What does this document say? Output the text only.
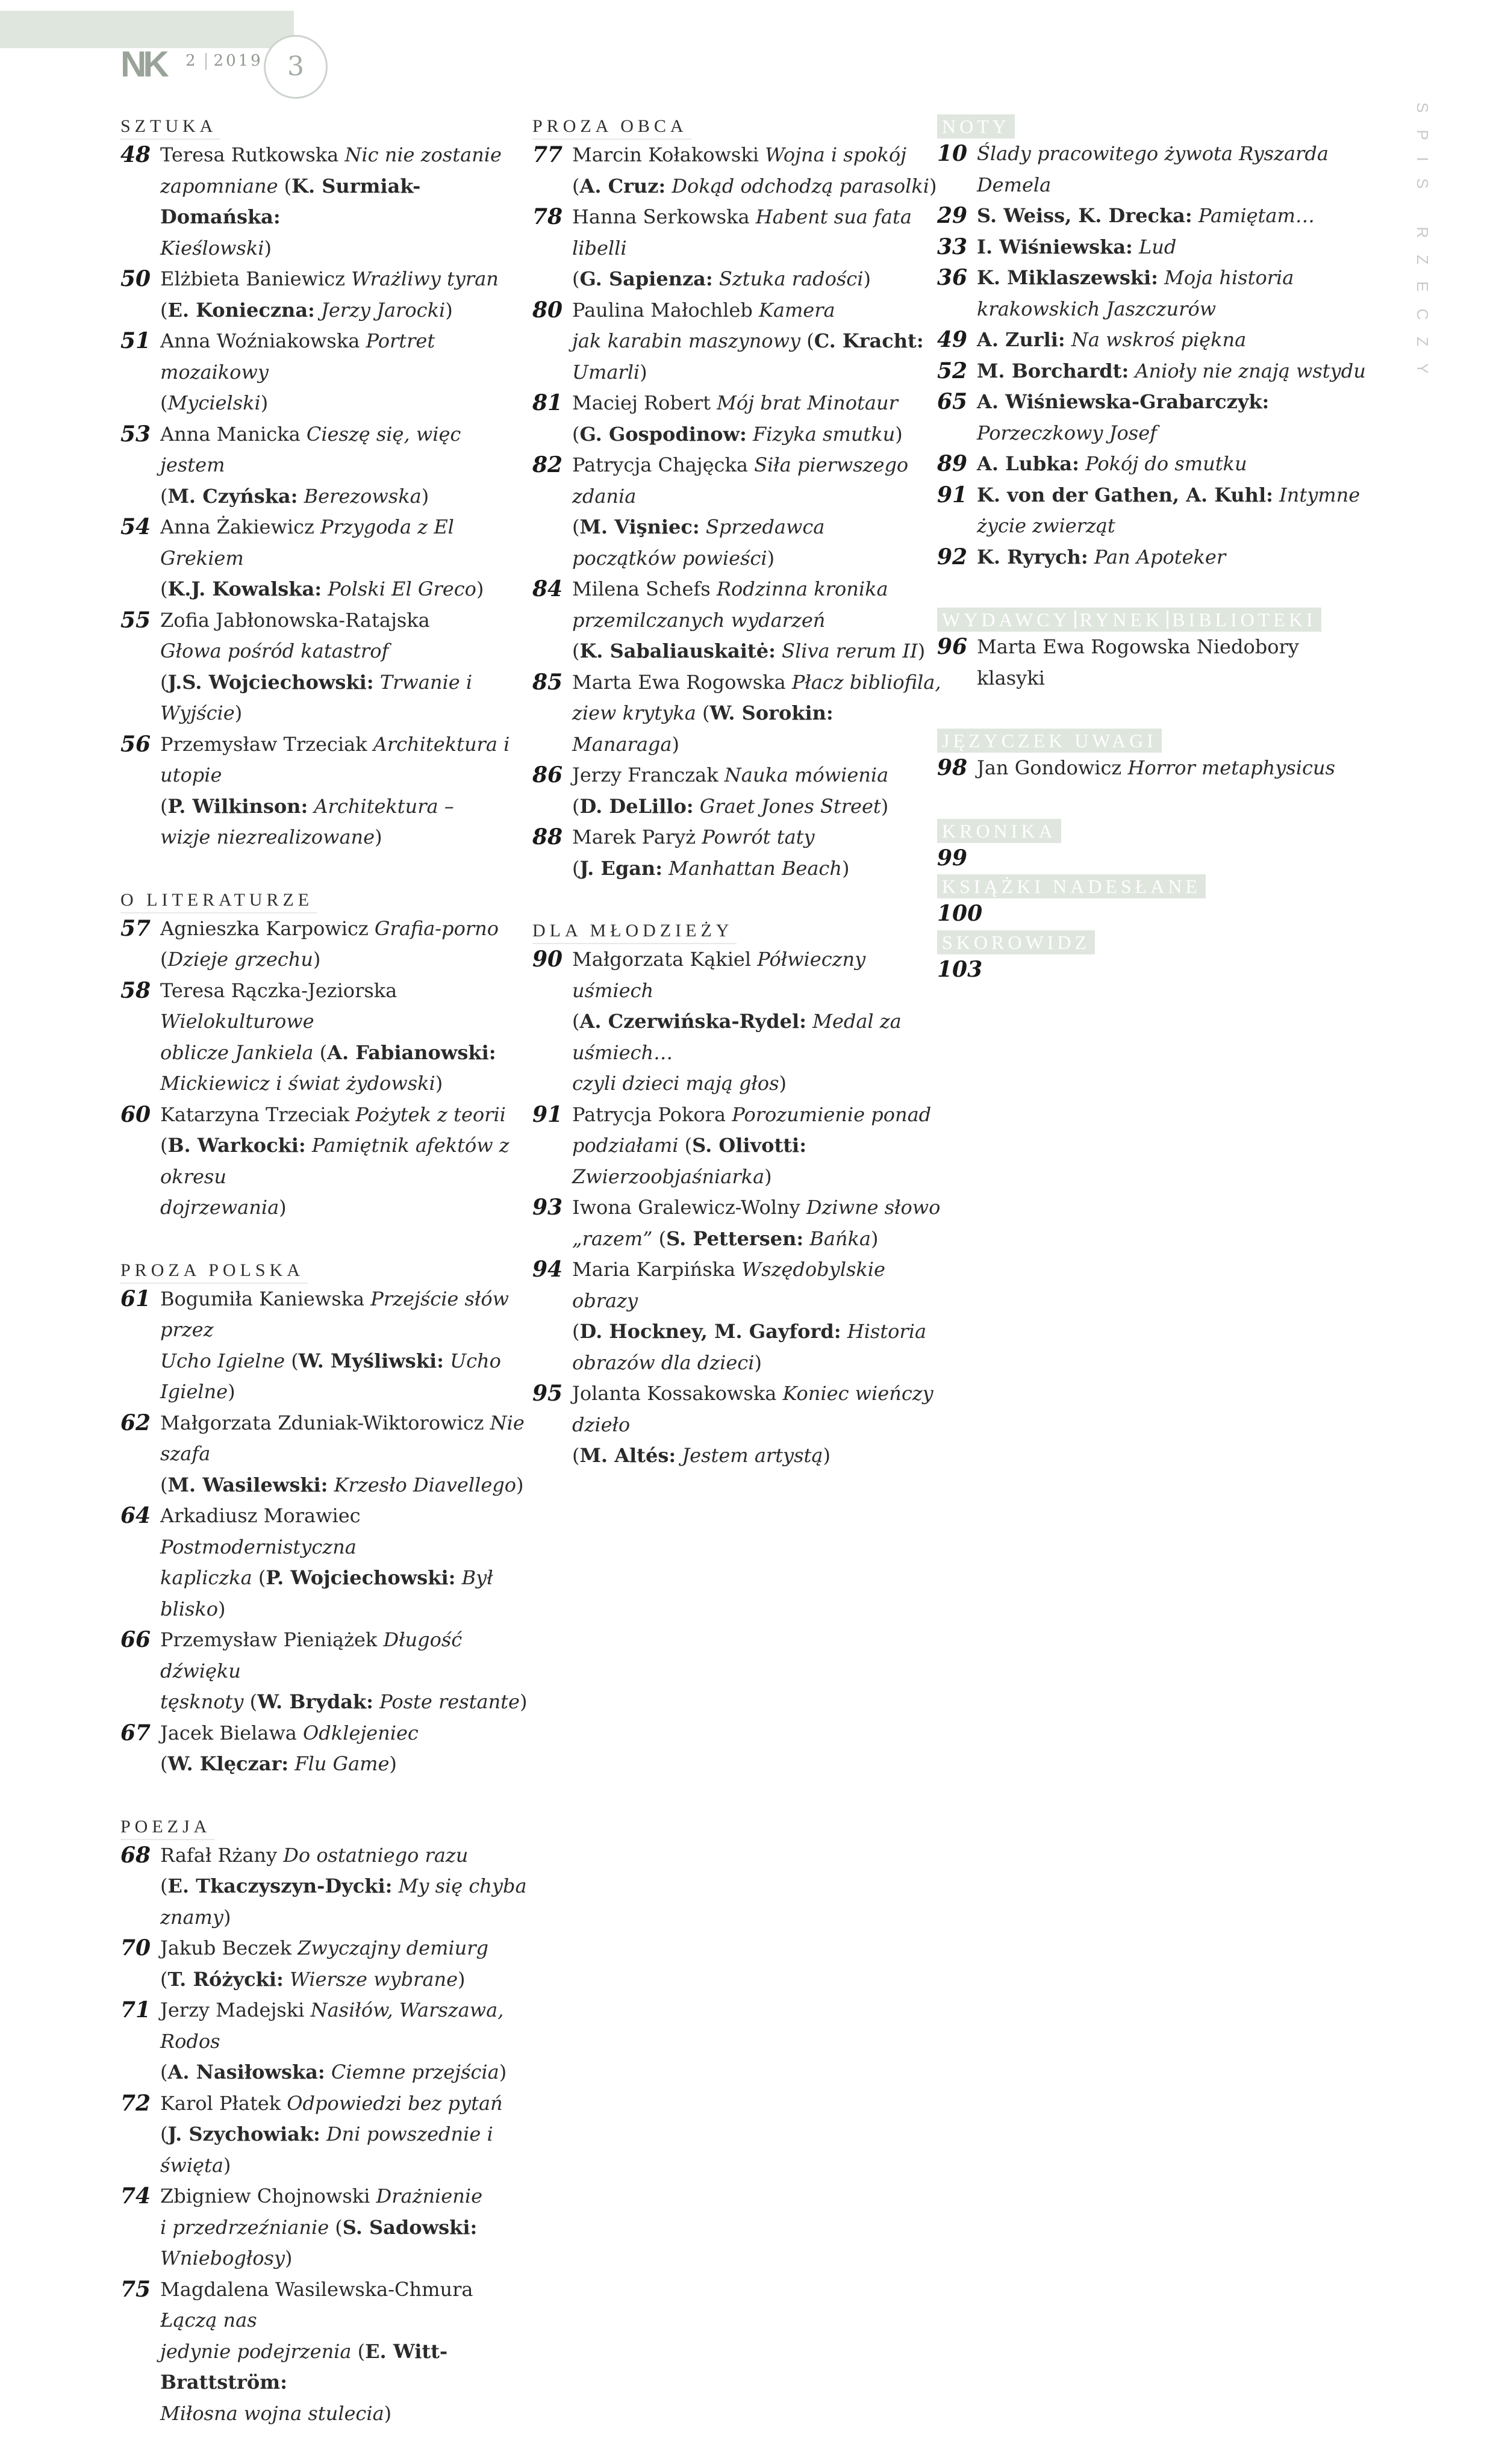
NK 2 2019 3
SPIS RZECZY
SZTUKA
48 Teresa Rutkowska Nic nie zostanie
zapomniane (K. Surmiak-Domańska:
Kieślowski)
50 Elżbieta Baniewicz Wrażliwy tyran
(E. Konieczna: Jerzy Jarocki)
51 Anna Woźniakowska Portret mozaikowy
(Mycielski)
53 Anna Manicka Cieszę się, więc jestem
(M. Czyńska: Berezowska)
54 Anna Żakiewicz Przygoda z El Grekiem
(K.J. Kowalska: Polski El Greco)
55 Zofia Jabłonowska-Ratajska
Głowa pośród katastrof
(J.S. Wojciechowski: Trwanie i Wyjście)
56 Przemysław Trzeciak Architektura i utopie
(P. Wilkinson: Architektura –
wizje niezrealizowane)
O LITERATURZE
57 Agnieszka Karpowicz Grafia-porno
(Dzieje grzechu)
58 Teresa Rączka-Jeziorska Wielokulturowe
oblicze Jankiela (A. Fabianowski:
Mickiewicz i świat żydowski)
60 Katarzyna Trzeciak Pożytek z teorii
(B. Warkocki: Pamiętnik afektów z okresu
dojrzewania)
PROZA POLSKA
61 Bogumiła Kaniewska Przejście słów przez
Ucho Igielne (W. Myśliwski: Ucho Igielne)
62 Małgorzata Zduniak-Wiktorowicz Nie szafa
(M. Wasilewski: Krzesło Diavellego)
64 Arkadiusz Morawiec Postmodernistyczna
kapliczka (P. Wojciechowski: Był blisko)
66 Przemysław Pieniążek Długość dźwięku
tęsknoty (W. Brydak: Poste restante)
67 Jacek Bielawa Odklejeniec
(W. Klęczar: Flu Game)
POEZJA
68 Rafał Rżany Do ostatniego razu
(E. Tkaczyszyn-Dycki: My się chyba
znamy)
70 Jakub Beczek Zwyczajny demiurg
(T. Różycki: Wiersze wybrane)
71 Jerzy Madejski Nasiłów, Warszawa, Rodos
(A. Nasiłowska: Ciemne przejścia)
72 Karol Płatek Odpowiedzi bez pytań
(J. Szychowiak: Dni powszednie i święta)
74 Zbigniew Chojnowski Drażnienie
i przedrzeźnianie (S. Sadowski:
Wniebogłosy)
75 Magdalena Wasilewska-Chmura Łączą nas
jedynie podejrzenia (E. Witt-Brattström:
Miłosna wojna stulecia)
PROZA OBCA
77 Marcin Kołakowski Wojna i spokój
(A. Cruz: Dokąd odchodzą parasolki)
78 Hanna Serkowska Habent sua fata libelli
(G. Sapienza: Sztuka radości)
80 Paulina Małochleb Kamera
jak karabin maszynowy (C. Kracht: Umarli)
81 Maciej Robert Mój brat Minotaur
(G. Gospodinow: Fizyka smutku)
82 Patrycja Chajęcka Siła pierwszego zdania
(M. Vişniec: Sprzedawca
początków powieści)
84 Milena Schefs Rodzinna kronika
przemilczanych wydarzeń
(K. Sabaliauskaitė: Sliva rerum II)
85 Marta Ewa Rogowska Płacz bibliofila,
ziew krytyka (W. Sorokin: Manaraga)
86 Jerzy Franczak Nauka mówienia
(D. DeLillo: Graet Jones Street)
88 Marek Paryż Powrót taty
(J. Egan: Manhattan Beach)
DLA MŁODZIEŻY
90 Małgorzata Kąkiel Półwieczny uśmiech
(A. Czerwińska-Rydel: Medal za uśmiech…
czyli dzieci mają głos)
91 Patrycja Pokora Porozumienie ponad
podziałami (S. Olivotti: Zwierzoobjaśniarka)
93 Iwona Gralewicz-Wolny Dziwne słowo
„razem” (S. Pettersen: Bańka)
94 Maria Karpińska Wszędobylskie obrazy
(D. Hockney, M. Gayford: Historia
obrazów dla dzieci)
95 Jolanta Kossakowska Koniec wieńczy dzieło
(M. Altés: Jestem artystą)
NOTY
10 Ślady pracowitego żywota Ryszarda Demela
29 S. Weiss, K. Drecka: Pamiętam…
33 I. Wiśniewska: Lud
36 K. Miklaszewski: Moja historia
krakowskich Jaszczurów
49 A. Zurli: Na wskroś piękna
52 M. Borchardt: Anioły nie znają wstydu
65 A. Wiśniewska-Grabarczyk:
Porzeczkowy Josef
89 A. Lubka: Pokój do smutku
91 K. von der Gathen, A. Kuhl: Intymne
życie zwierząt
92 K. Ryrych: Pan Apoteker
WYDAWCY RYNEK BIBLIOTEKI
96 Marta Ewa Rogowska Niedobory klasyki
JĘZYCZEK UWAGI
98 Jan Gondowicz Horror metaphysicus
KRONIKA
99
KSIĄŻKI NADESŁANE
100
SKOROWIDZ
103
